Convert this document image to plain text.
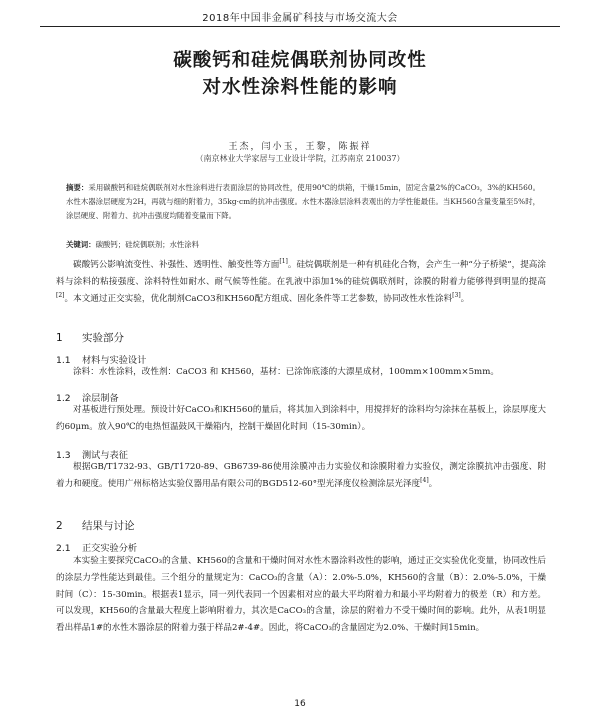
2018年中国非金属矿科技与市场交流大会
碳酸钙和硅烷偶联剂协同改性
对水性涂料性能的影响
王杰，闫小玉，王黎，陈振祥
（南京林业大学家居与工业设计学院，江苏南京 210037）

摘要：采用碳酸钙和硅烷偶联剂对水性涂料进行表面涂层的协同改性，使用90℃的烘箱，干燥15min，固定含量2%的CaCO₃，3%的KH560。水性木器涂层硬度为2H，再就与细的附着力，35kg·cm的抗冲击强度。水性木器涂层涂料表观出的力学性能最佳。当KH560含量变量至5%时，涂层硬度、附着力、抗冲击强度均随着变量而下降。

关键词：碳酸钙；硅烷偶联剂；水性涂料

碳酸钙公影响流变性、补强性、透明性、触变性等方面[1]。硅烷偶联剂是一种有机硅化合物，会产生一种“分子桥梁”，提高涂料与涂料的粘接强度、涂料特性如耐水、耐气候等性能。在乳液中添加1%的硅烷偶联剂时，涂膜的附着力能够得到明显的提高[2]。本文通过正交实验，优化制剂CaCO3和KH560配方组成、固化条件等工艺参数，协同改性水性涂料[3]。

1 实验部分
1.1 材料与实验设计

涂料：水性涂料，改性剂：CaCO3 和 KH560，基材：已涂饰底漆的大漂星成材，100mm×100mm×5mm。

1.2 涂层制备

对基板进行预处理。预设计好CaCO₃和KH560的量后，将其加入到涂料中，用搅拌好的涂料均匀涂抹在基板上，涂层厚度大约60μm。放入90℃的电热恒温鼓风干燥箱内，控制干燥固化时间（15-30min）。

1.3 测试与表征

根据GB/T1732-93、GB/T1720-89、GB6739-86使用涂膜冲击力实验仪和涂膜附着力实验仪，测定涂膜抗冲击强度、附着力和硬度。使用广州标格达实验仪器用品有限公司的BGD512-60°型光泽度仪检测涂层光泽度[4]。

2 结果与讨论
2.1 正交实验分析

本实验主要探究CaCO₃的含量、KH560的含量和干燥时间对水性木器涂料改性的影响，通过正交实验优化变量，协同改性后的涂层力学性能达到最佳。三个组分的量规定为：CaCO₃的含量（A）：2.0%-5.0%，KH560的含量（B）：2.0%-5.0%，干燥时间（C）：15-30min。根据表1显示，同一列代表同一个因素相对应的最大平均附着力和最小平均附着力的极差（R）和方差。可以发现，KH560的含量最大程度上影响附着力，其次是CaCO₃的含量，涂层的附着力不受干燥时间的影响。此外，从表1明显看出样品1#的水性木器涂层的附着力强于样品2#-4#。因此，将CaCO₃的含量固定为2.0%、干燥时间15min。

16
